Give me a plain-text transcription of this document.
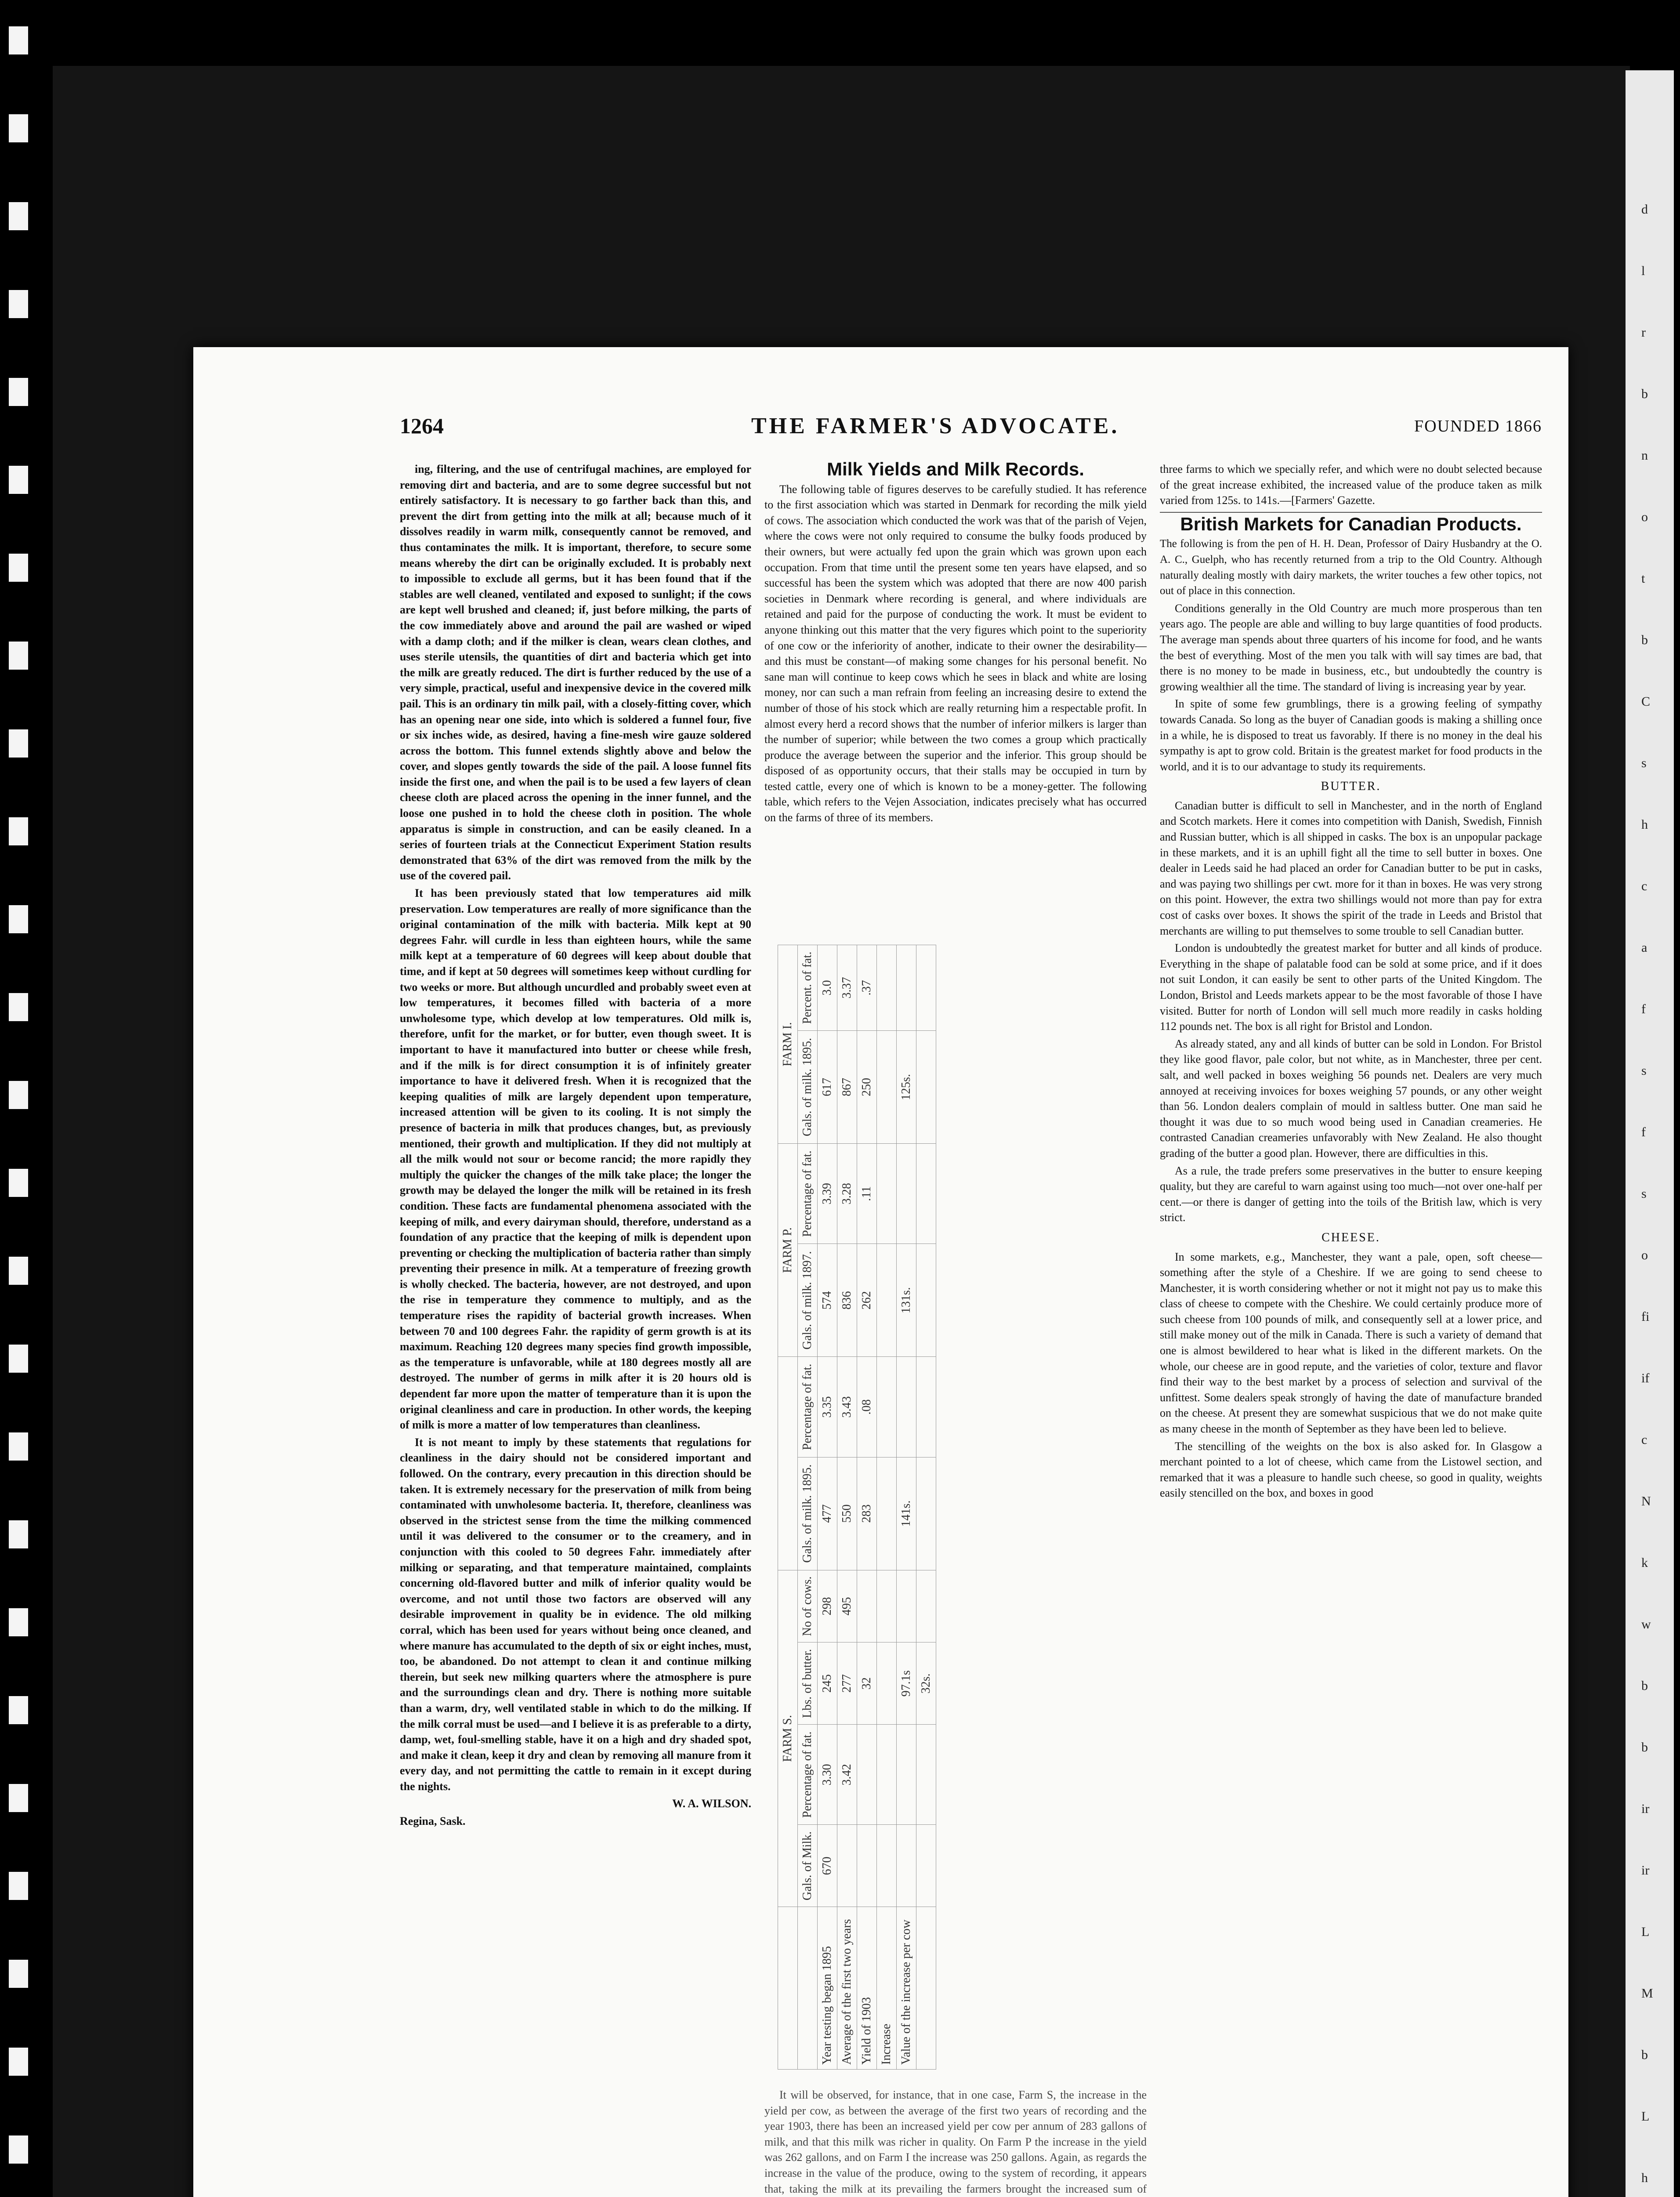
d
l
r
b
n
o
t
b
C
s
h
c
a
f
s
f
s
o
fi
if
c
N
k
w
b
b
ir
ir
L
M
b
L
h
1264	THE FARMER'S ADVOCATE.	FOUNDED 1866

ing, filtering, and the use of centrifugal machines, are employed for removing dirt and bacteria, and are to some degree successful but not entirely satisfactory. It is necessary to go farther back than this, and prevent the dirt from getting into the milk at all; because much of it dissolves readily in warm milk, consequently cannot be removed, and thus contaminates the milk. It is important, therefore, to secure some means whereby the dirt can be originally excluded. It is probably next to impossible to exclude all germs, but it has been found that if the stables are well cleaned, ventilated and exposed to sunlight; if the cows are kept well brushed and cleaned; if, just before milking, the parts of the cow immediately above and around the pail are washed or wiped with a damp cloth; and if the milker is clean, wears clean clothes, and uses sterile utensils, the quantities of dirt and bacteria which get into the milk are greatly reduced. The dirt is further reduced by the use of a very simple, practical, useful and inexpensive device in the covered milk pail. This is an ordinary tin milk pail, with a closely-fitting cover, which has an opening near one side, into which is soldered a funnel four, five or six inches wide, as desired, having a fine-mesh wire gauze soldered across the bottom. This funnel extends slightly above and below the cover, and slopes gently towards the side of the pail. A loose funnel fits inside the first one, and when the pail is to be used a few layers of clean cheese cloth are placed across the opening in the inner funnel, and the loose one pushed in to hold the cheese cloth in position. The whole apparatus is simple in construction, and can be easily cleaned. In a series of fourteen trials at the Connecticut Experiment Station results demonstrated that 63% of the dirt was removed from the milk by the use of the covered pail.

It has been previously stated that low temperatures aid milk preservation. Low temperatures are really of more significance than the original contamination of the milk with bacteria. Milk kept at 90 degrees Fahr. will curdle in less than eighteen hours, while the same milk kept at a temperature of 60 degrees will keep about double that time, and if kept at 50 degrees will sometimes keep without curdling for two weeks or more. But although uncurdled and probably sweet even at low temperatures, it becomes filled with bacteria of a more unwholesome type, which develop at low temperatures. Old milk is, therefore, unfit for the market, or for butter, even though sweet. It is important to have it manufactured into butter or cheese while fresh, and if the milk is for direct consumption it is of infinitely greater importance to have it delivered fresh. When it is recognized that the keeping qualities of milk are largely dependent upon temperature, increased attention will be given to its cooling. It is not simply the presence of bacteria in milk that produces changes, but, as previously mentioned, their growth and multiplication. If they did not multiply at all the milk would not sour or become rancid; the more rapidly they multiply the quicker the changes of the milk take place; the longer the growth may be delayed the longer the milk will be retained in its fresh condition. These facts are fundamental phenomena associated with the keeping of milk, and every dairyman should, therefore, understand as a foundation of any practice that the keeping of milk is dependent upon preventing or checking the multiplication of bacteria rather than simply preventing their presence in milk. At a temperature of freezing growth is wholly checked. The bacteria, however, are not destroyed, and upon the rise in temperature they commence to multiply, and as the temperature rises the rapidity of bacterial growth increases. When between 70 and 100 degrees Fahr. the rapidity of germ growth is at its maximum. Reaching 120 degrees many species find growth impossible, as the temperature is unfavorable, while at 180 degrees mostly all are destroyed. The number of germs in milk after it is 20 hours old is dependent far more upon the matter of temperature than it is upon the original cleanliness and care in production. In other words, the keeping of milk is more a matter of low temperatures than cleanliness.

It is not meant to imply by these statements that regulations for cleanliness in the dairy should not be considered important and followed. On the contrary, every precaution in this direction should be taken. It is extremely necessary for the preservation of milk from being contaminated with unwholesome bacteria. It, therefore, cleanliness was observed in the strictest sense from the time the milking commenced until it was delivered to the consumer or to the creamery, and in conjunction with this cooled to 50 degrees Fahr. immediately after milking or separating, and that temperature maintained, complaints concerning old-flavored butter and milk of inferior quality would be overcome, and not until those two factors are observed will any desirable improvement in quality be in evidence. The old milking corral, which has been used for years without being once cleaned, and where manure has accumulated to the depth of six or eight inches, must, too, be abandoned. Do not attempt to clean it and continue milking therein, but seek new milking quarters where the atmosphere is pure and the surroundings clean and dry. There is nothing more suitable than a warm, dry, well ventilated stable in which to do the milking. If the milk corral must be used—and I believe it is as preferable to a dirty, damp, wet, foul-smelling stable, have it on a high and dry shaded spot, and make it clean, keep it dry and clean by removing all manure from it every day, and not permitting the cattle to remain in it except during the nights.

W. A. WILSON.

Regina, Sask.

Milk Yields and Milk Records.

The following table of figures deserves to be carefully studied. It has reference to the first association which was started in Denmark for recording the milk yield of cows. The association which conducted the work was that of the parish of Vejen, where the cows were not only required to consume the bulky foods produced by their owners, but were actually fed upon the grain which was grown upon each occupation. From that time until the present some ten years have elapsed, and so successful has been the system which was adopted that there are now 400 parish societies in Denmark where recording is general, and where individuals are retained and paid for the purpose of conducting the work. It must be evident to anyone thinking out this matter that the very figures which point to the superiority of one cow or the inferiority of another, indicate to their owner the desirability—and this must be constant—of making some changes for his personal benefit. No sane man will continue to keep cows which he sees in black and white are losing money, nor can such a man refrain from feeling an increasing desire to extend the number of those of his stock which are really returning him a respectable profit. In almost every herd a record shows that the number of inferior milkers is larger than the number of superior; while between the two comes a group which practically produce the average between the superior and the inferior. This group should be disposed of as opportunity occurs, that their stalls may be occupied in turn by tested cattle, every one of which is known to be a money-getter. The following table, which refers to the Vejen Association, indicates precisely what has occurred on the farms of three of its members.

	FARM S.						FARM P.		FARM I.	
	Gals. of Milk.	Percentage of fat.	Lbs. of butter.	No of cows.	Gals. of milk. 1895.	Percentage of fat.	Gals. of milk. 1897.	Percentage of fat.	Gals. of milk. 1895.	Percent. of fat.
Year testing began 1895	670	3.30	245	298	477	3.35	574	3.39	617	3.0
Average of the first two years		3.42	277	495	550	3.43	836	3.28	867	3.37
Yield of 1903			32		283	.08	262	.11	250	.37
Increase										
Value of the increase per cow			97.1s		141s.		131s.		125s.	
			32s.							

It will be observed, for instance, that in one case, Farm S, the increase in the yield per cow, as between the average of the first two years of recording and the year 1903, there has been an increased yield per cow per annum of 283 gallons of milk, and that this milk was richer in quality. On Farm P the increase in the yield was 262 gallons, and on Farm I the increase was 250 gallons. Again, as regards the increase in the value of the produce, owing to the system of recording, it appears that, taking the milk at its prevailing the farmers brought the increased sum of

three farms to which we specially refer, and which were no doubt selected because of the great increase exhibited, the increased value of the produce taken as milk varied from 125s. to 141s.—[Farmers' Gazette.

British Markets for Canadian Products.

The following is from the pen of H. H. Dean, Professor of Dairy Husbandry at the O. A. C., Guelph, who has recently returned from a trip to the Old Country. Although naturally dealing mostly with dairy markets, the writer touches a few other topics, not out of place in this connection.

Conditions generally in the Old Country are much more prosperous than ten years ago. The people are able and willing to buy large quantities of food products. The average man spends about three quarters of his income for food, and he wants the best of everything. Most of the men you talk with will say times are bad, that there is no money to be made in business, etc., but undoubtedly the country is growing wealthier all the time. The standard of living is increasing year by year.

In spite of some few grumblings, there is a growing feeling of sympathy towards Canada. So long as the buyer of Canadian goods is making a shilling once in a while, he is disposed to treat us favorably. If there is no money in the deal his sympathy is apt to grow cold. Britain is the greatest market for food products in the world, and it is to our advantage to study its requirements.

BUTTER.

Canadian butter is difficult to sell in Manchester, and in the north of England and Scotch markets. Here it comes into competition with Danish, Swedish, Finnish and Russian butter, which is all shipped in casks. The box is an unpopular package in these markets, and it is an uphill fight all the time to sell butter in boxes. One dealer in Leeds said he had placed an order for Canadian butter to be put in casks, and was paying two shillings per cwt. more for it than in boxes. He was very strong on this point. However, the extra two shillings would not more than pay for extra cost of casks over boxes. It shows the spirit of the trade in Leeds and Bristol that merchants are willing to put themselves to some trouble to sell Canadian butter.

London is undoubtedly the greatest market for butter and all kinds of produce. Everything in the shape of palatable food can be sold at some price, and if it does not suit London, it can easily be sent to other parts of the United Kingdom. The London, Bristol and Leeds markets appear to be the most favorable of those I have visited. Butter for north of London will sell much more readily in casks holding 112 pounds net. The box is all right for Bristol and London.

As already stated, any and all kinds of butter can be sold in London. For Bristol they like good flavor, pale color, but not white, as in Manchester, three per cent. salt, and well packed in boxes weighing 56 pounds net. Dealers are very much annoyed at receiving invoices for boxes weighing 57 pounds, or any other weight than 56. London dealers complain of mould in saltless butter. One man said he thought it was due to so much wood being used in Canadian creameries. He contrasted Canadian creameries unfavorably with New Zealand. He also thought grading of the butter a good plan. However, there are difficulties in this.

As a rule, the trade prefers some preservatives in the butter to ensure keeping quality, but they are careful to warn against using too much—not over one-half per cent.—or there is danger of getting into the toils of the British law, which is very strict.

CHEESE.

In some markets, e.g., Manchester, they want a pale, open, soft cheese—something after the style of a Cheshire. If we are going to send cheese to Manchester, it is worth considering whether or not it might not pay us to make this class of cheese to compete with the Cheshire. We could certainly produce more of such cheese from 100 pounds of milk, and consequently sell at a lower price, and still make money out of the milk in Canada. There is such a variety of demand that one is almost bewildered to hear what is liked in the different markets. On the whole, our cheese are in good repute, and the varieties of color, texture and flavor find their way to the best market by a process of selection and survival of the unfittest. Some dealers speak strongly of having the date of manufacture branded on the cheese. At present they are somewhat suspicious that we do not make quite as many cheese in the month of September as they have been led to believe.

The stencilling of the weights on the box is also asked for. In Glasgow a merchant pointed to a lot of cheese, which came from the Listowel section, and remarked that it was a pleasure to handle such cheese, so good in quality, weights easily stencilled on the box, and boxes in good
